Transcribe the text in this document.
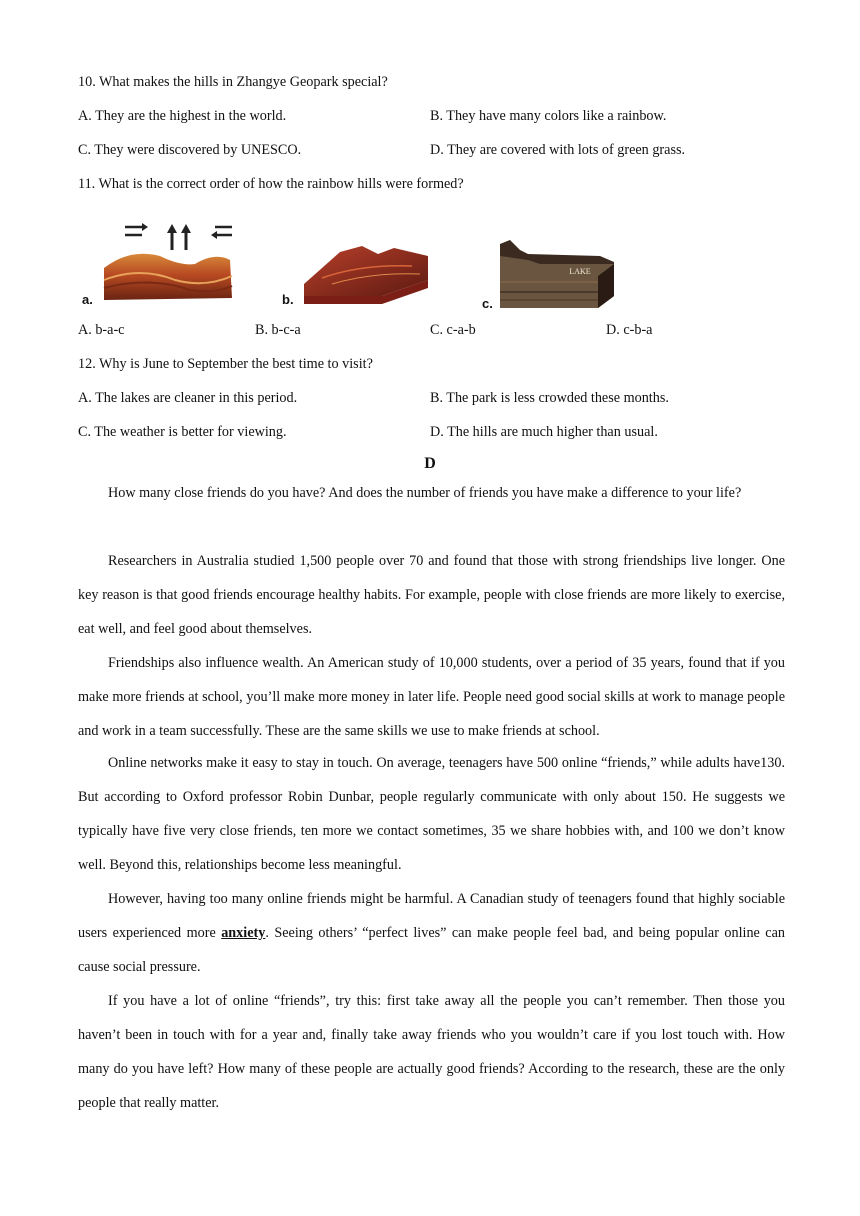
10. What makes the hills in Zhangye Geopark special?
A. They are the highest in the world.	B. They have many colors like a rainbow.
C. They were discovered by UNESCO.	D. They are covered with lots of green grass.
11. What is the correct order of how the rainbow hills were formed?
a.	b.
LAKE
c.
A. b-a-c	B. b-c-a	C. c-a-b	D. c-b-a
12. Why is June to September the best time to visit?
A. The lakes are cleaner in this period.	B. The park is less crowded these months.
C. The weather is better for viewing.	D. The hills are much higher than usual.
D
How many close friends do you have? And does the number of friends you have make a difference to your life?
Researchers in Australia studied 1,500 people over 70 and found that those with strong friendships live longer. One key reason is that good friends encourage healthy habits. For example, people with close friends are more likely to exercise, eat well, and feel good about themselves.
Friendships also influence wealth. An American study of 10,000 students, over a period of 35 years, found that if you make more friends at school, you’ll make more money in later life. People need good social skills at work to manage people and work in a team successfully. These are the same skills we use to make friends at school.
Online networks make it easy to stay in touch. On average, teenagers have 500 online “friends,” while adults have130. But according to Oxford professor Robin Dunbar, people regularly communicate with only about 150. He suggests we typically have five very close friends, ten more we contact sometimes, 35 we share hobbies with, and 100 we don’t know well. Beyond this, relationships become less meaningful.
However, having too many online friends might be harmful. A Canadian study of teenagers found that highly sociable users experienced more anxiety. Seeing others’ “perfect lives” can make people feel bad, and being popular online can cause social pressure.
If you have a lot of online “friends”, try this: first take away all the people you can’t remember. Then those you haven’t been in touch with for a year and, finally take away friends who you wouldn’t care if you lost touch with. How many do you have left? How many of these people are actually good friends? According to the research, these are the only people that really matter.
